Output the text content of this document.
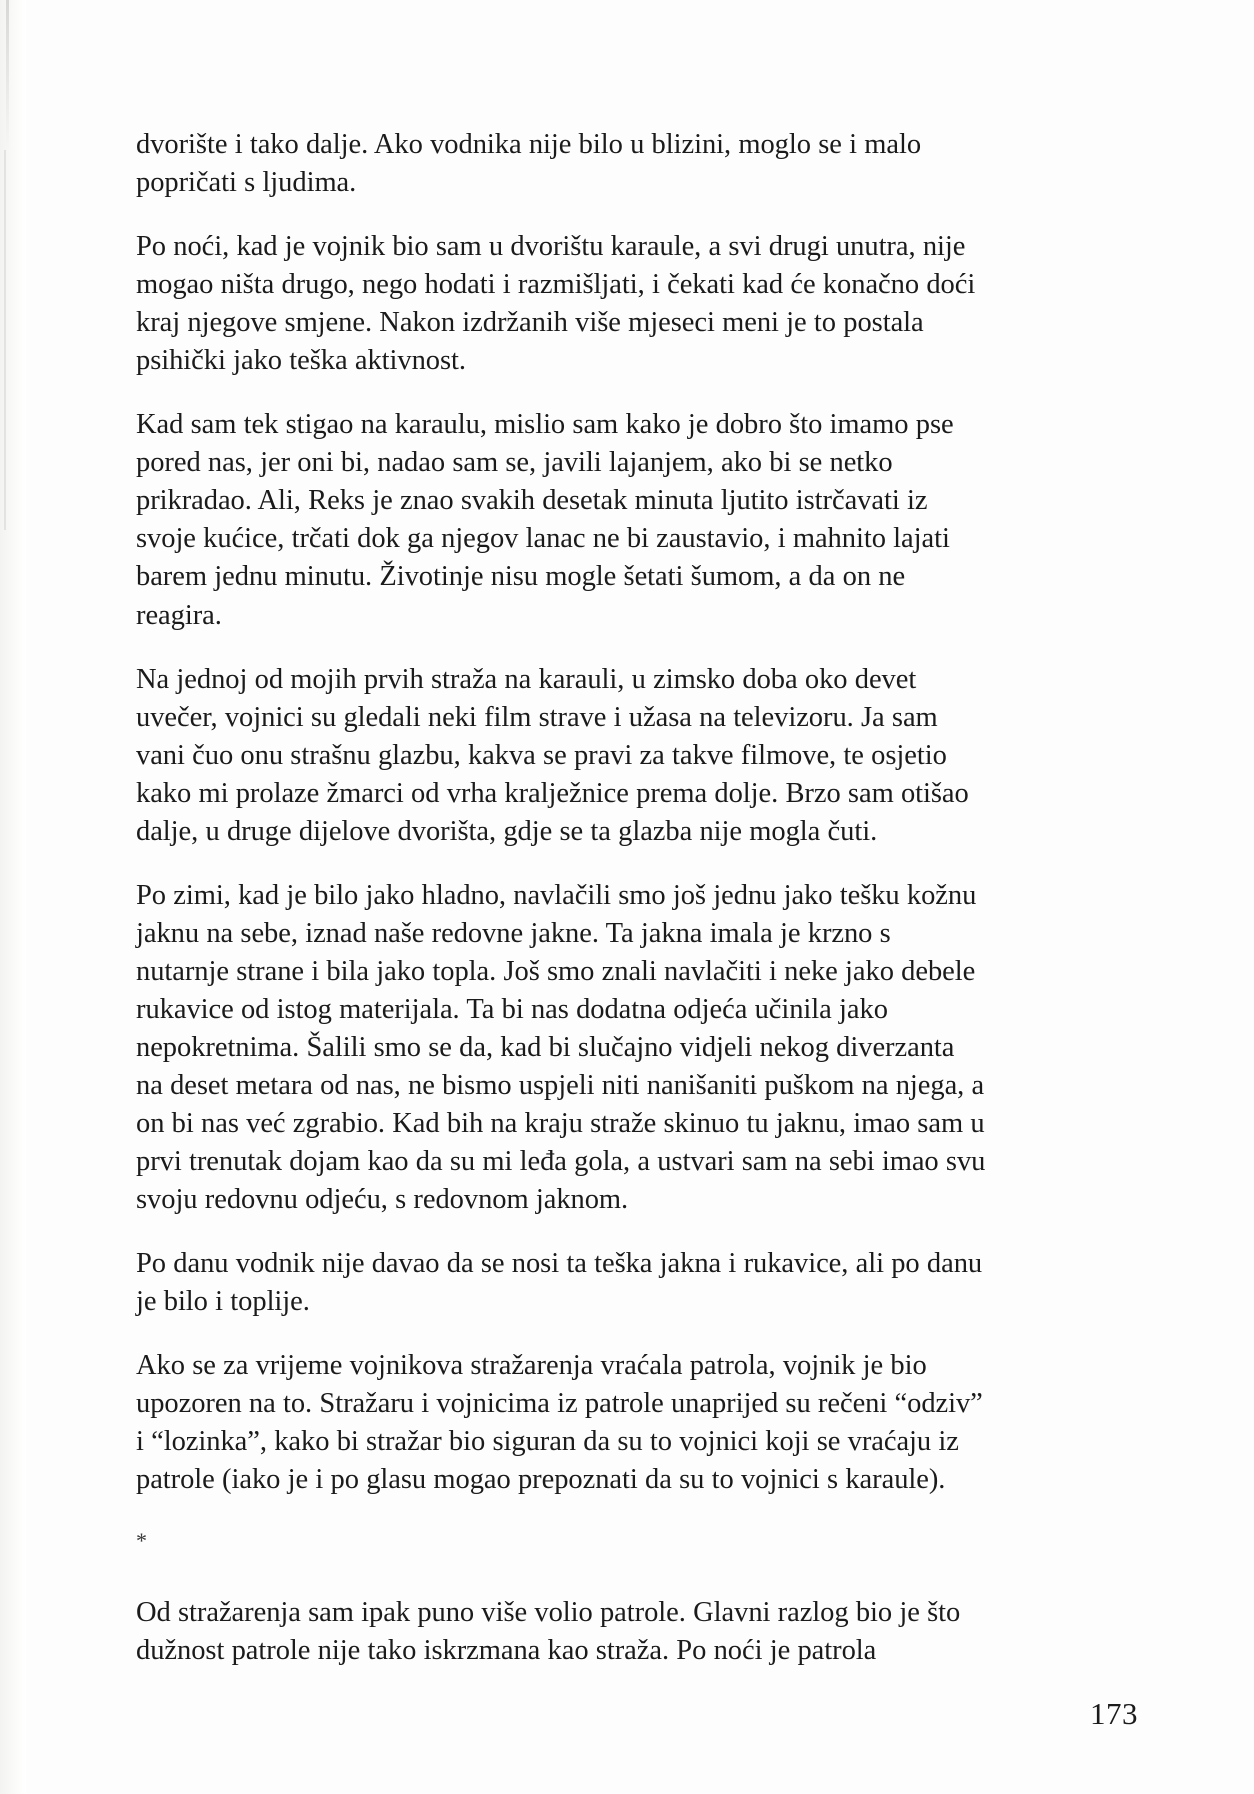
dvorište i tako dalje. Ako vodnika nije bilo u blizini, moglo se i malo popričati s ljudima.

Po noći, kad je vojnik bio sam u dvorištu karaule, a svi drugi unutra, nije mogao ništa drugo, nego hodati i razmišljati, i čekati kad će konačno doći kraj njegove smjene. Nakon izdržanih više mjeseci meni je to postala psihički jako teška aktivnost.

Kad sam tek stigao na karaulu, mislio sam kako je dobro što imamo pse pored nas, jer oni bi, nadao sam se, javili lajanjem, ako bi se netko prikradao. Ali, Reks je znao svakih desetak minuta ljutito istrčavati iz svoje kućice, trčati dok ga njegov lanac ne bi zaustavio, i mahnito lajati barem jednu minutu. Životinje nisu mogle šetati šumom, a da on ne reagira.

Na jednoj od mojih prvih straža na karauli, u zimsko doba oko devet uvečer, vojnici su gledali neki film strave i užasa na televizoru. Ja sam vani čuo onu strašnu glazbu, kakva se pravi za takve filmove, te osjetio kako mi prolaze žmarci od vrha kralježnice prema dolje. Brzo sam otišao dalje, u druge dijelove dvorišta, gdje se ta glazba nije mogla čuti.

Po zimi, kad je bilo jako hladno, navlačili smo još jednu jako tešku kožnu jaknu na sebe, iznad naše redovne jakne. Ta jakna imala je krzno s nutarnje strane i bila jako topla. Još smo znali navlačiti i neke jako debele rukavice od istog materijala. Ta bi nas dodatna odjeća učinila jako nepokretnima. Šalili smo se da, kad bi slučajno vidjeli nekog diverzanta na deset metara od nas, ne bismo uspjeli niti nanišaniti puškom na njega, a on bi nas već zgrabio. Kad bih na kraju straže skinuo tu jaknu, imao sam u prvi trenutak dojam kao da su mi leđa gola, a ustvari sam na sebi imao svu svoju redovnu odjeću, s redovnom jaknom.

Po danu vodnik nije davao da se nosi ta teška jakna i rukavice, ali po danu je bilo i toplije.

Ako se za vrijeme vojnikova stražarenja vraćala patrola, vojnik je bio upozoren na to. Stražaru i vojnicima iz patrole unaprijed su rečeni “odziv” i “lozinka”, kako bi stražar bio siguran da su to vojnici koji se vraćaju iz patrole (iako je i po glasu mogao prepoznati da su to vojnici s karaule).

*

Od stražarenja sam ipak puno više volio patrole. Glavni razlog bio je što dužnost patrole nije tako iskrzmana kao straža. Po noći je patrola

173
